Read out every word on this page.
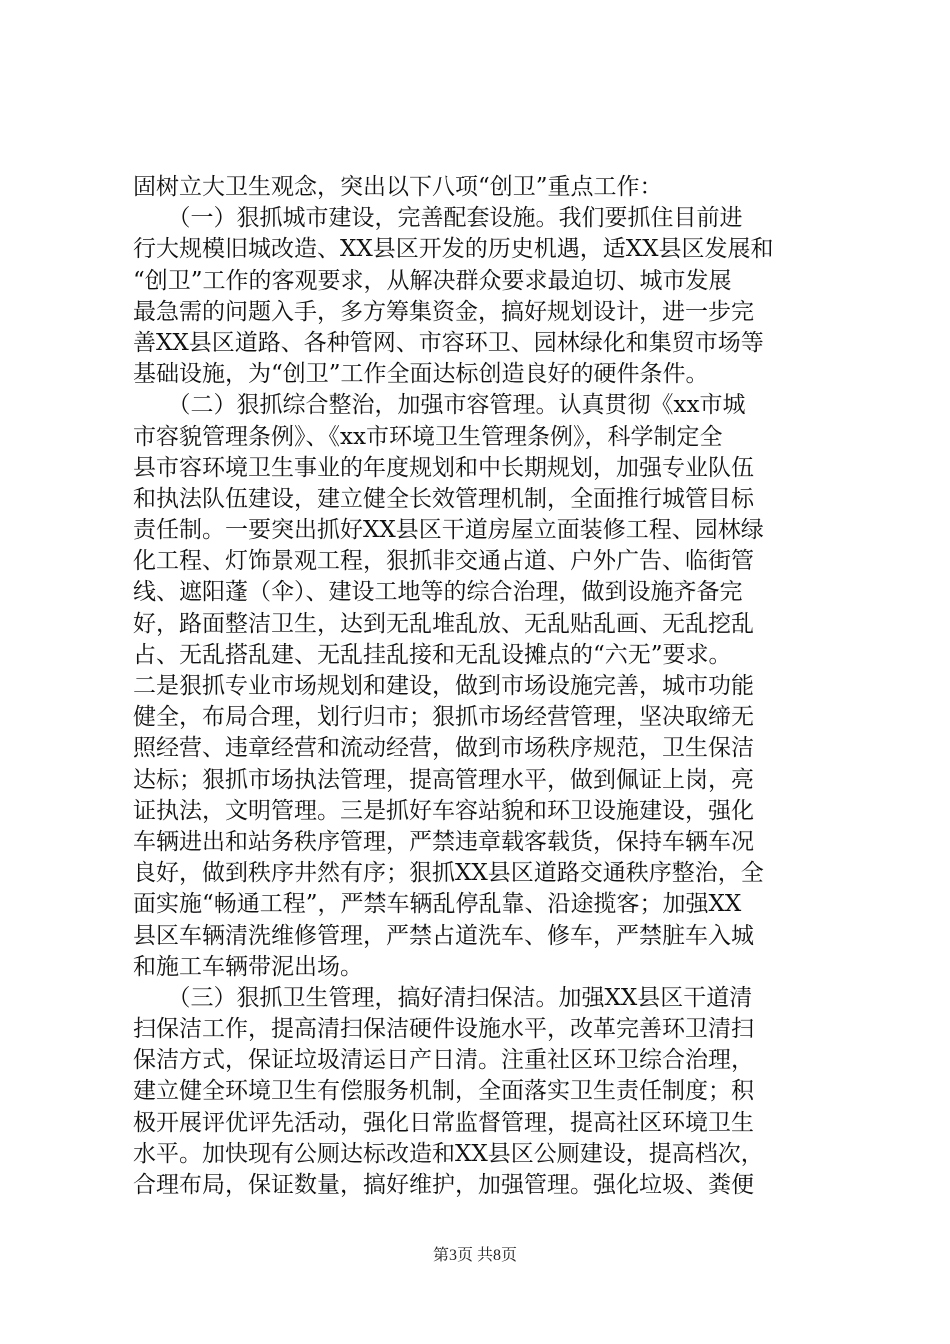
固树立大卫生观念，突出以下八项“创卫”重点工作：
　　（一）狠抓城市建设，完善配套设施。我们要抓住目前进
行大规模旧城改造、XX县区开发的历史机遇，适XX县区发展和
“创卫”工作的客观要求，从解决群众要求最迫切、城市发展
最急需的问题入手，多方筹集资金，搞好规划设计，进一步完
善XX县区道路、各种管网、市容环卫、园林绿化和集贸市场等
基础设施，为“创卫”工作全面达标创造良好的硬件条件。
　　（二）狠抓综合整治，加强市容管理。认真贯彻《xx市城
市容貌管理条例》、《xx市环境卫生管理条例》，科学制定全
县市容环境卫生事业的年度规划和中长期规划，加强专业队伍
和执法队伍建设，建立健全长效管理机制，全面推行城管目标
责任制。一要突出抓好XX县区干道房屋立面装修工程、园林绿
化工程、灯饰景观工程，狠抓非交通占道、户外广告、临街管
线、遮阳蓬（伞）、建设工地等的综合治理，做到设施齐备完
好，路面整洁卫生，达到无乱堆乱放、无乱贴乱画、无乱挖乱
占、无乱搭乱建、无乱挂乱接和无乱设摊点的“六无”要求。
二是狠抓专业市场规划和建设，做到市场设施完善，城市功能
健全，布局合理，划行归市；狠抓市场经营管理，坚决取缔无
照经营、违章经营和流动经营，做到市场秩序规范，卫生保洁
达标；狠抓市场执法管理，提高管理水平，做到佩证上岗，亮
证执法，文明管理。三是抓好车容站貌和环卫设施建设，强化
车辆进出和站务秩序管理，严禁违章载客载货，保持车辆车况
良好，做到秩序井然有序；狠抓XX县区道路交通秩序整治，全
面实施“畅通工程”，严禁车辆乱停乱靠、沿途揽客；加强XX
县区车辆清洗维修管理，严禁占道洗车、修车，严禁脏车入城
和施工车辆带泥出场。
　　（三）狠抓卫生管理，搞好清扫保洁。加强XX县区干道清
扫保洁工作，提高清扫保洁硬件设施水平，改革完善环卫清扫
保洁方式，保证垃圾清运日产日清。注重社区环卫综合治理，
建立健全环境卫生有偿服务机制，全面落实卫生责任制度；积
极开展评优评先活动，强化日常监督管理，提高社区环境卫生
水平。加快现有公厕达标改造和XX县区公厕建设，提高档次，
合理布局，保证数量，搞好维护，加强管理。强化垃圾、粪便
第3页 共8页
